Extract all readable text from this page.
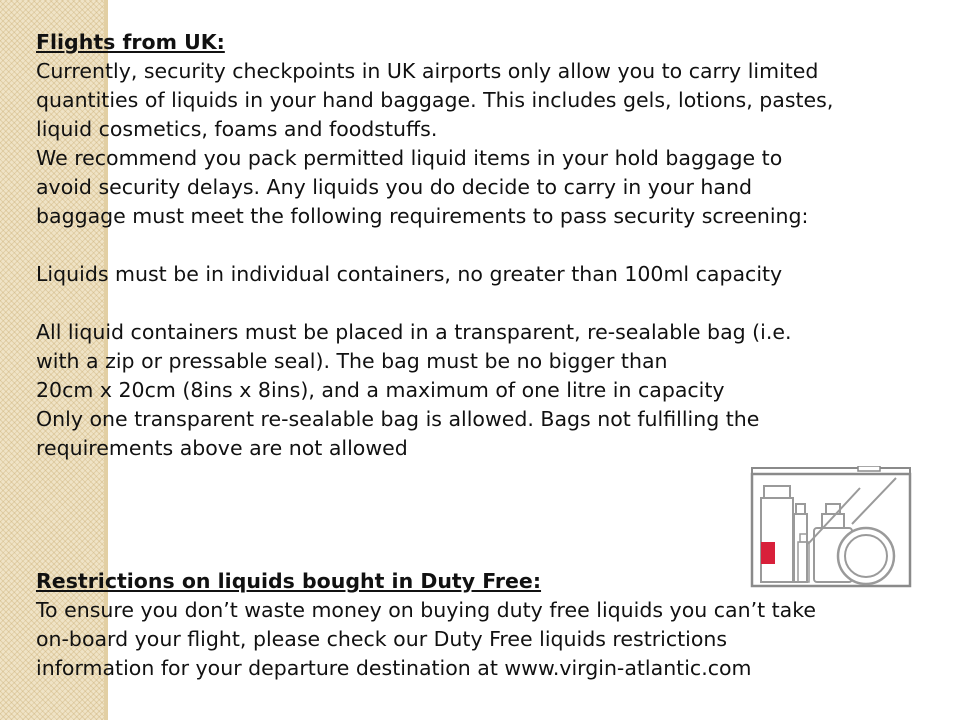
Flights from UK:

Currently, security checkpoints in UK airports only allow you to carry limited

quantities of liquids in your hand baggage. This includes gels, lotions, pastes,

liquid cosmetics, foams and foodstuffs.

We recommend you pack permitted liquid items in your hold baggage to

avoid security delays. Any liquids you do decide to carry in your hand

baggage must meet the following requirements to pass security screening:

Liquids must be in individual containers, no greater than 100ml capacity

All liquid containers must be placed in a transparent, re-sealable bag (i.e.

with a zip or pressable seal). The bag must be no bigger than

20cm x 20cm (8ins x 8ins), and a maximum of one litre in capacity

Only one transparent re-sealable bag is allowed. Bags not fulfilling the

requirements above are not allowed

Restrictions on liquids bought in Duty Free:

To ensure you don’t waste money on buying duty free liquids you can’t take

on-board your flight, please check our Duty Free liquids restrictions

information for your departure destination at www.virgin-atlantic.com
